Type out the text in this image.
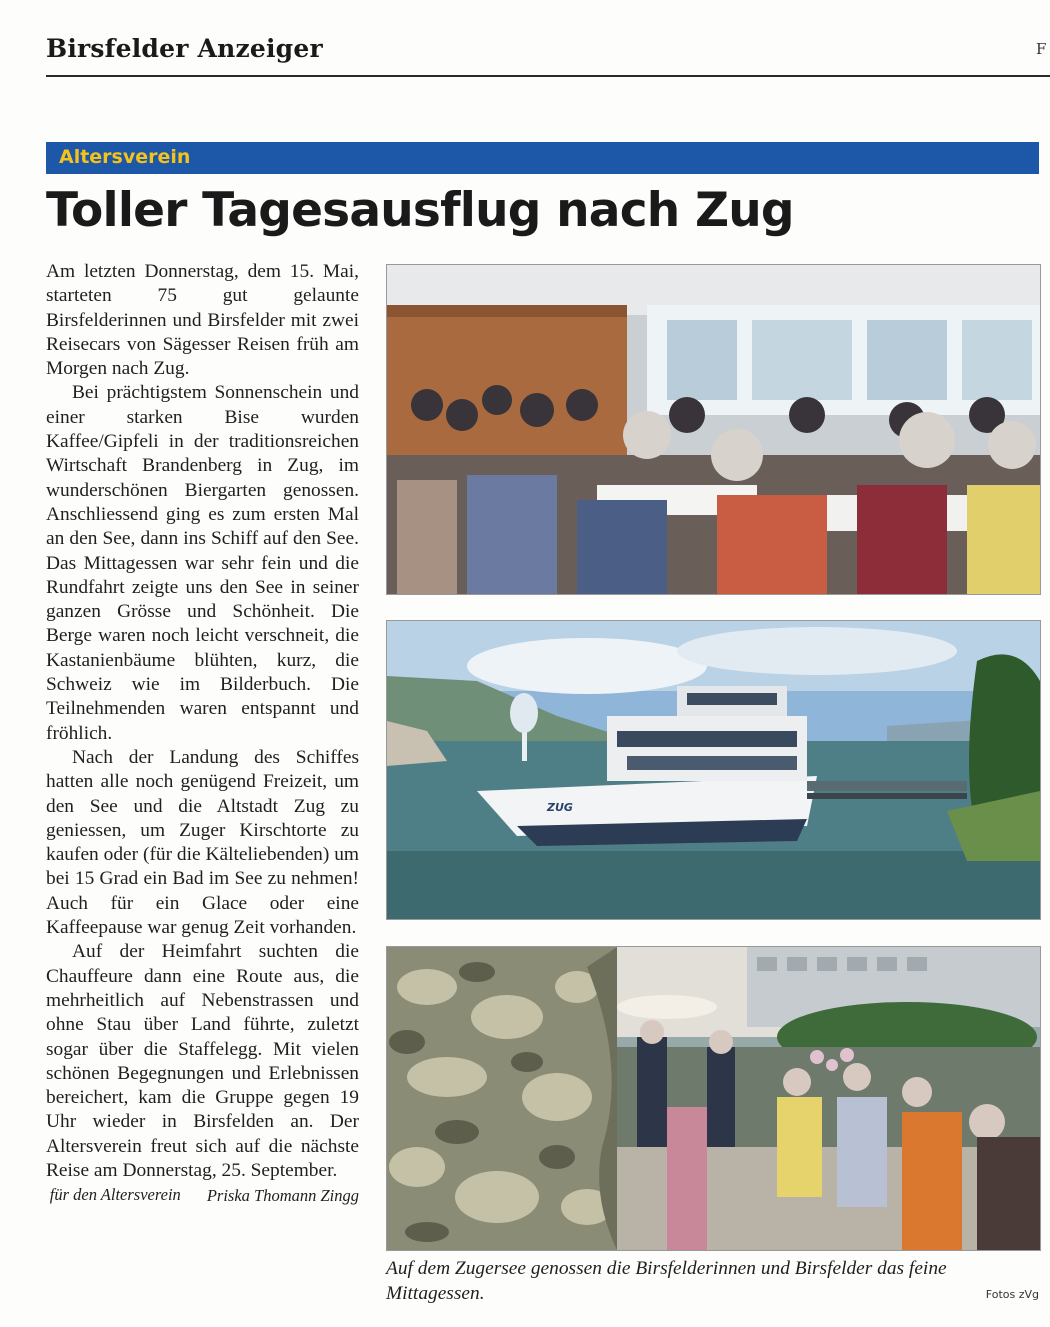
Birsfelder Anzeiger	F
Altersverein
Toller Tagesausflug nach Zug

Am letzten Donnerstag, dem 15. Mai, starteten 75 gut gelaunte Birsfelderinnen und Birsfelder mit zwei Reisecars von Sägesser Reisen früh am Morgen nach Zug.

Bei prächtigstem Sonnenschein und einer starken Bise wurden Kaffee/Gipfeli in der traditionsreichen Wirtschaft Brandenberg in Zug, im wunderschönen Biergarten genossen. Anschliessend ging es zum ersten Mal an den See, dann ins Schiff auf den See. Das Mittagessen war sehr fein und die Rundfahrt zeigte uns den See in seiner ganzen Grösse und Schönheit. Die Berge waren noch leicht verschneit, die Kastanienbäume blühten, kurz, die Schweiz wie im Bilderbuch. Die Teilnehmenden waren entspannt und fröhlich.

Nach der Landung des Schiffes hatten alle noch genügend Freizeit, um den See und die Altstadt Zug zu geniessen, um Zuger Kirschtorte zu kaufen oder (für die Kälteliebenden) um bei 15 Grad ein Bad im See zu nehmen! Auch für ein Glace oder eine Kaffeepause war genug Zeit vorhanden.

Auf der Heimfahrt suchten die Chauffeure dann eine Route aus, die mehrheitlich auf Nebenstrassen und ohne Stau über Land führte, zuletzt sogar über die Staffelegg. Mit vielen schönen Begegnungen und Erlebnissen bereichert, kam die Gruppe gegen 19 Uhr wieder in Birsfelden an. Der Altersverein freut sich auf die nächste Reise am Donnerstag, 25. September.
Priska Thomann Zingg

für den Altersverein
ZUG
Auf dem Zugersee genossen die Birsfelderinnen und Birsfelder das feine Mittagessen.	Fotos zVg
